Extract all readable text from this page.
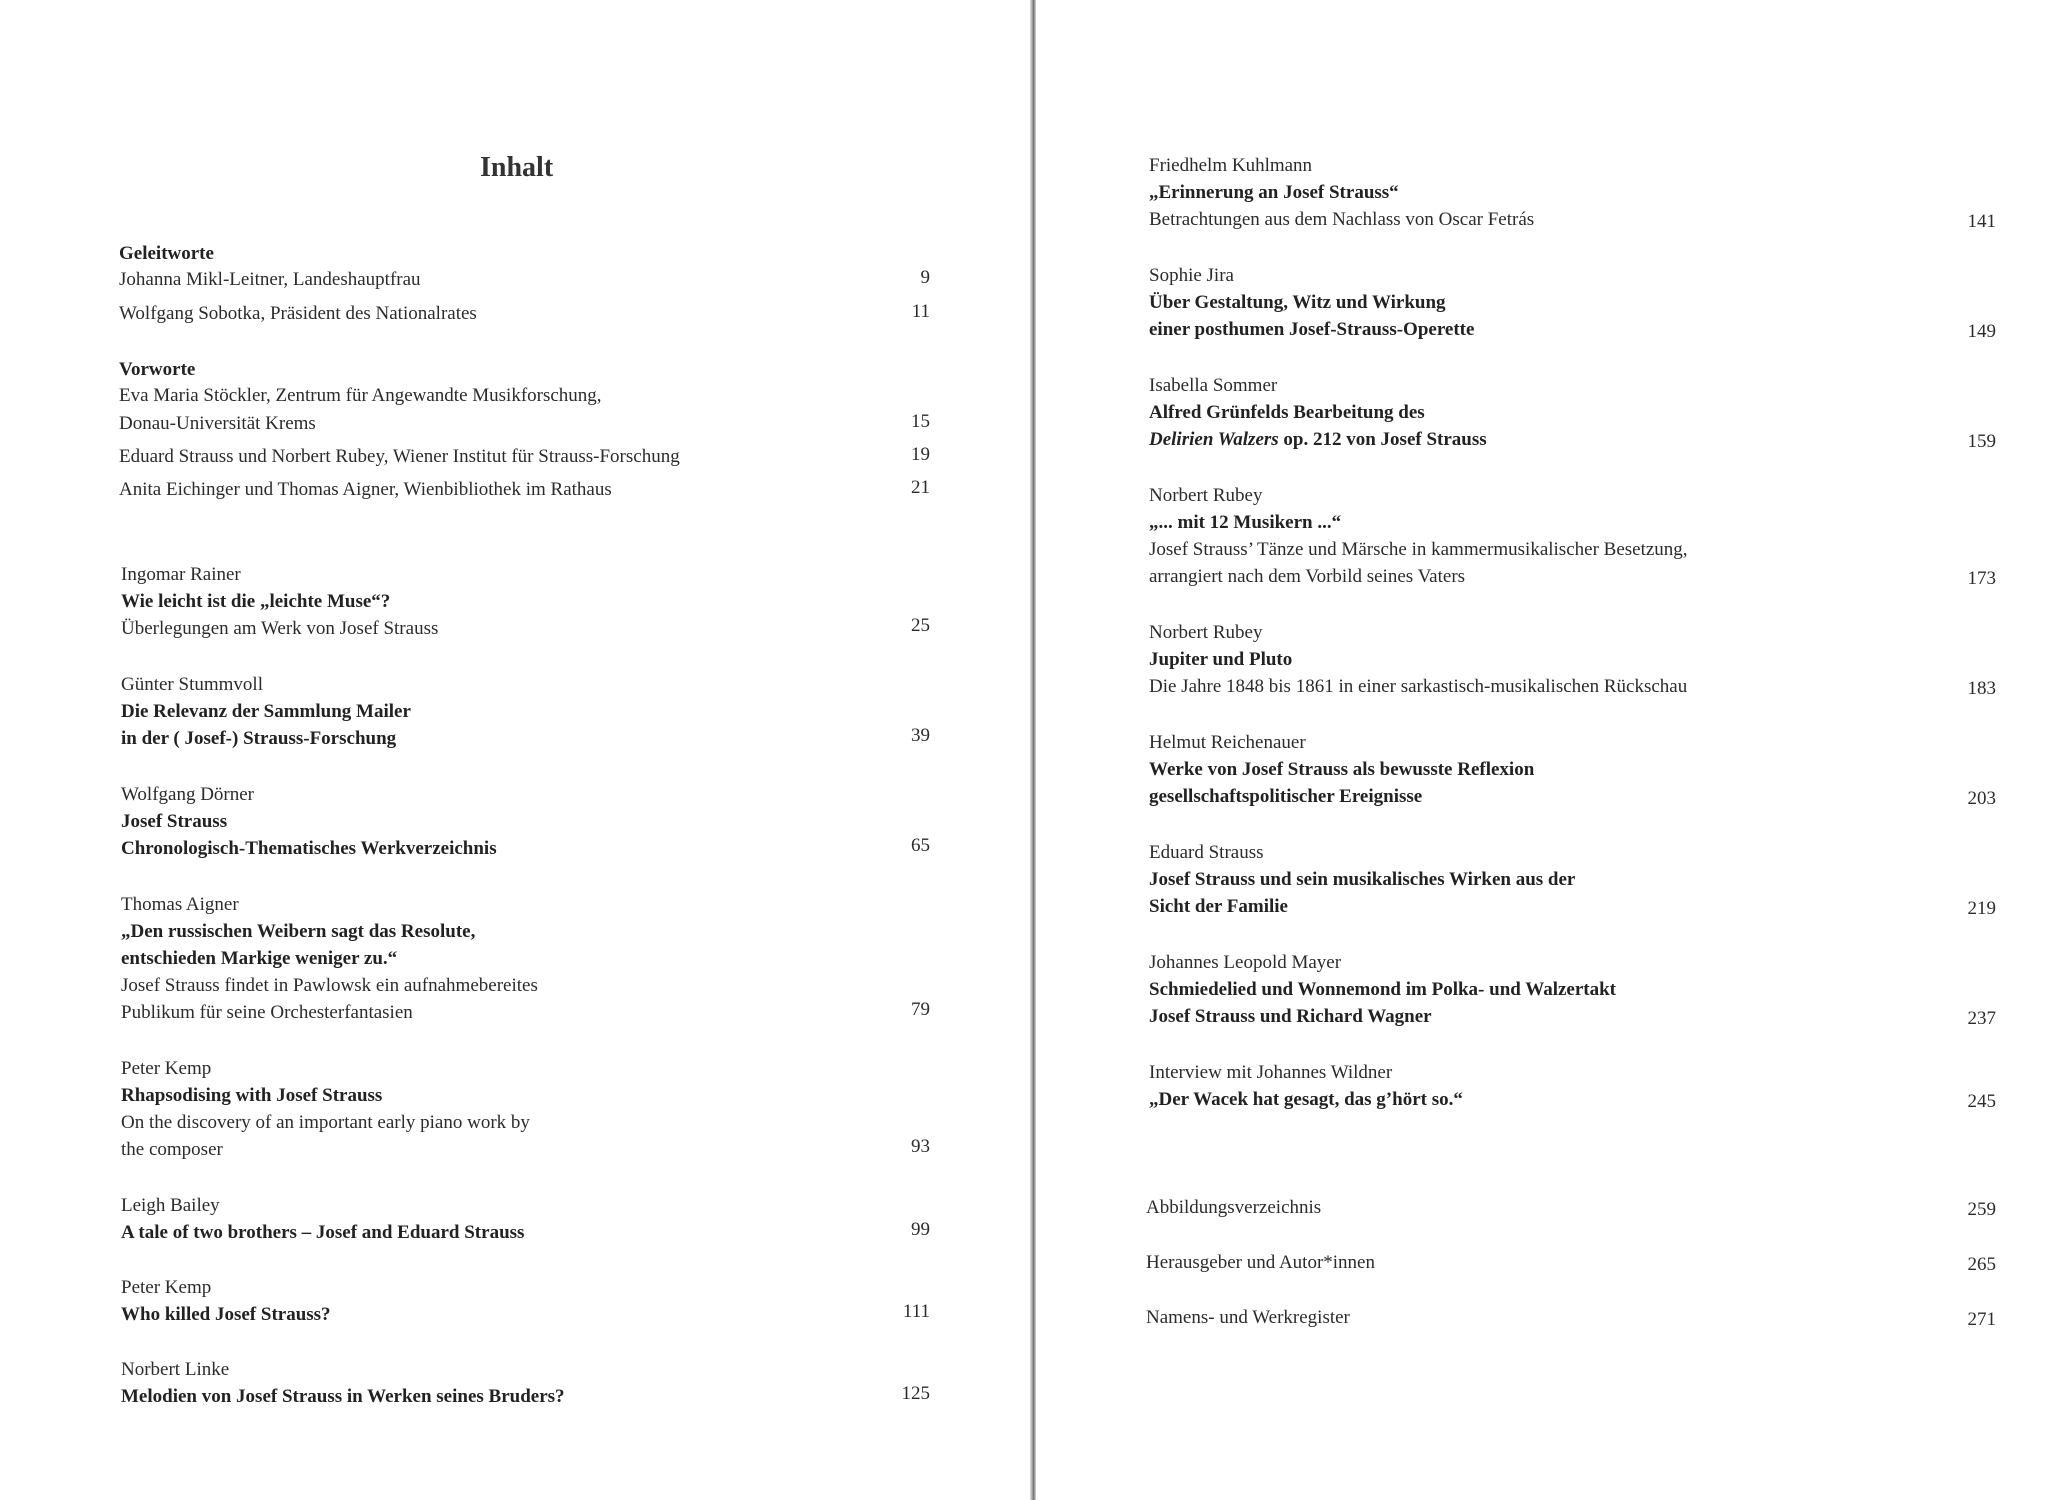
Inhalt
Geleitworte
Johanna Mikl-Leitner, Landeshauptfrau	9
Wolfgang Sobotka, Präsident des Nationalrates	11
Vorworte
Eva Maria Stöckler, Zentrum für Angewandte Musikforschung,
Donau-Universität Krems	15
Eduard Strauss und Norbert Rubey, Wiener Institut für Strauss-Forschung	19
Anita Eichinger und Thomas Aigner, Wienbibliothek im Rathaus	21
Ingomar Rainer
Wie leicht ist die „leichte Muse“?
Überlegungen am Werk von Josef Strauss	25
Günter Stummvoll
Die Relevanz der Sammlung Mailer
in der ( Josef-) Strauss-Forschung	39
Wolfgang Dörner
Josef Strauss
Chronologisch-Thematisches Werkverzeichnis	65
Thomas Aigner
„Den russischen Weibern sagt das Resolute,
entschieden Markige weniger zu.“
Josef Strauss findet in Pawlowsk ein aufnahmebereites
Publikum für seine Orchesterfantasien	79
Peter Kemp
Rhapsodising with Josef Strauss
On the discovery of an important early piano work by
the composer	93
Leigh Bailey
A tale of two brothers – Josef and Eduard Strauss	99
Peter Kemp
Who killed Josef Strauss?	111
Norbert Linke
Melodien von Josef Strauss in Werken seines Bruders?	125
Friedhelm Kuhlmann
„Erinnerung an Josef Strauss“
Betrachtungen aus dem Nachlass von Oscar Fetrás	141
Sophie Jira
Über Gestaltung, Witz und Wirkung
einer posthumen Josef-Strauss-Operette	149
Isabella Sommer
Alfred Grünfelds Bearbeitung des
Delirien Walzers op. 212 von Josef Strauss	159
Norbert Rubey
„... mit 12 Musikern ...“
Josef Strauss’ Tänze und Märsche in kammermusikalischer Besetzung,
arrangiert nach dem Vorbild seines Vaters	173
Norbert Rubey
Jupiter und Pluto
Die Jahre 1848 bis 1861 in einer sarkastisch-musikalischen Rückschau	183
Helmut Reichenauer
Werke von Josef Strauss als bewusste Reflexion
gesellschaftspolitischer Ereignisse	203
Eduard Strauss
Josef Strauss und sein musikalisches Wirken aus der
Sicht der Familie	219
Johannes Leopold Mayer
Schmiedelied und Wonnemond im Polka- und Walzertakt
Josef Strauss und Richard Wagner	237
Interview mit Johannes Wildner
„Der Wacek hat gesagt, das g’hört so.“	245
Abbildungsverzeichnis	259
Herausgeber und Autor*innen	265
Namens- und Werkregister	271
